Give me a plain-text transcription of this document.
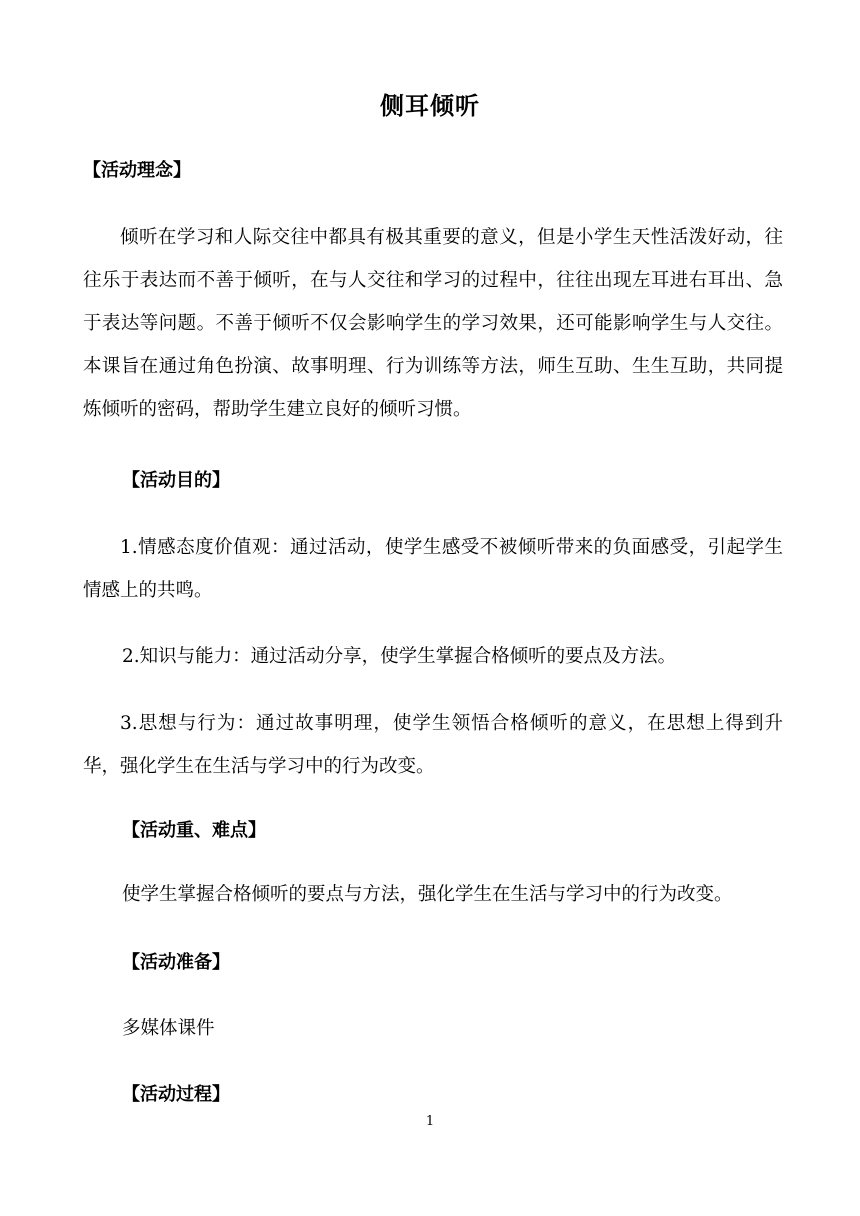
侧耳倾听
【活动理念】
倾听在学习和人际交往中都具有极其重要的意义，但是小学生天性活泼好动，往往乐于表达而不善于倾听，在与人交往和学习的过程中，往往出现左耳进右耳出、急于表达等问题。不善于倾听不仅会影响学生的学习效果，还可能影响学生与人交往。本课旨在通过角色扮演、故事明理、行为训练等方法，师生互助、生生互助，共同提炼倾听的密码，帮助学生建立良好的倾听习惯。
【活动目的】
1.情感态度价值观：通过活动，使学生感受不被倾听带来的负面感受，引起学生情感上的共鸣。
2.知识与能力：通过活动分享，使学生掌握合格倾听的要点及方法。
3.思想与行为：通过故事明理，使学生领悟合格倾听的意义，在思想上得到升华，强化学生在生活与学习中的行为改变。
【活动重、难点】
使学生掌握合格倾听的要点与方法，强化学生在生活与学习中的行为改变。
【活动准备】
多媒体课件
【活动过程】
1
